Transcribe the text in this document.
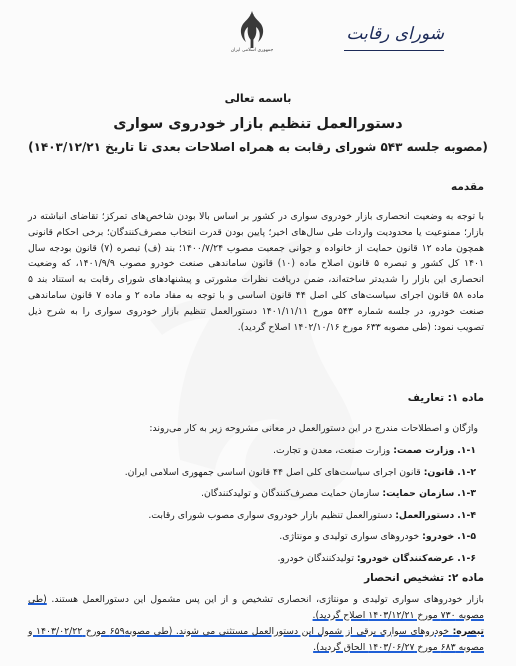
جمهوری اسلامی ایران
شورای رقابت
باسمه تعالی
دستورالعمل تنظیم بازار خودروی سواری
(مصوبه جلسه ۵۴۳ شورای رقابت به همراه اصلاحات بعدی تا تاریخ ۱۴۰۳/۱۲/۲۱)
مقدمه
با توجه به وضعیت انحصاری بازار خودروی سواری در کشور بر اساس بالا بودن شاخص‌های تمرکز؛ تقاضای انباشته در بازار؛ ممنوعیت یا محدودیت واردات طی سال‌های اخیر؛ پایین بودن قدرت انتخاب مصرف‌کنندگان؛ برخی احکام قانونی همچون ماده ۱۲ قانون حمایت از خانواده و جوانی جمعیت مصوب ۱۴۰۰/۷/۲۴؛ بند (ف) تبصره (۷) قانون بودجه سال ۱۴۰۱ کل کشور و تبصره ۵ قانون اصلاح ماده (۱۰) قانون ساماندهی صنعت خودرو مصوب ۱۴۰۱/۹/۹، که وضعیت انحصاری این بازار را شدیدتر ساخته‌اند، ضمن دریافت نظرات مشورتی و پیشنهادهای شورای رقابت به استناد بند ۵ ماده ۵۸ قانون اجرای سیاست‌های کلی اصل ۴۴ قانون اساسی و با توجه به مفاد ماده ۲ و ماده ۷ قانون ساماندهی صنعت خودرو، در جلسه شماره ۵۴۳ مورخ ۱۴۰۱/۱۱/۱۱ دستورالعمل تنظیم بازار خودروی سواری را به شرح ذیل تصویب نمود: (طی مصوبه ۶۳۳ مورخ ۱۴۰۲/۱۰/۱۶ اصلاح گردید).
ماده ۱: تعاریف
واژگان و اصطلاحات مندرج در این دستورالعمل در معانی مشروحه زیر به کار می‌روند:
۱-۱. وزارت صمت: وزارت صنعت، معدن و تجارت.
۱-۲. قانون: قانون اجرای سیاست‌های کلی اصل ۴۴ قانون اساسی جمهوری اسلامی ایران.
۱-۳. سازمان حمایت: سازمان حمایت مصرف‌کنندگان و تولیدکنندگان.
۱-۴. دستورالعمل: دستورالعمل تنظیم بازار خودروی سواری مصوب شورای رقابت.
۱-۵. خودرو: خودروهای سواری تولیدی و مونتاژی.
۱-۶. عرضه‌کنندگان خودرو: تولیدکنندگان خودرو.
ماده ۲: تشخیص انحصار
بازار خودروهای سواری تولیدی و مونتاژی، انحصاری تشخیص و از این پس مشمول این دستورالعمل هستند. (طی مصوبه ۷۳۰ مورخ ۱۴۰۳/۱۲/۲۱ اصلاح گردید).
تبصره: خودروهای سواری برقی از شمول این دستورالعمل مستثنی می شوند. (طی مصوبه۶۵۹ مورخ ۱۴۰۳/۰۲/۲۲ و مصوبه ۶۸۳ مورخ ۱۴۰۳/۰۶/۲۷ الحاق گردید).
